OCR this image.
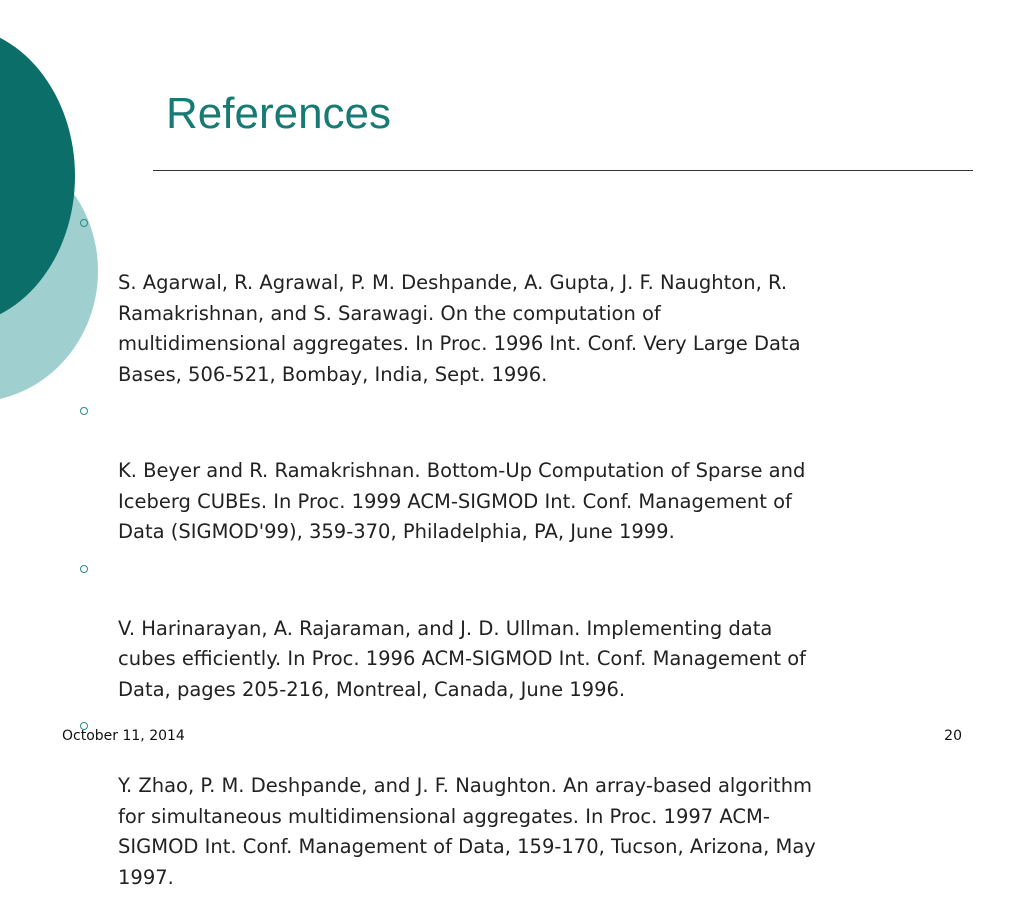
References

S. Agarwal, R. Agrawal, P. M. Deshpande, A. Gupta, J. F. Naughton, R.
Ramakrishnan, and S. Sarawagi. On the computation of
multidimensional aggregates. In Proc. 1996 Int. Conf. Very Large Data
Bases, 506-521, Bombay, India, Sept. 1996.

K. Beyer and R. Ramakrishnan. Bottom-Up Computation of Sparse and
Iceberg CUBEs. In Proc. 1999 ACM-SIGMOD Int. Conf. Management of
Data (SIGMOD'99), 359-370, Philadelphia, PA, June 1999.

V. Harinarayan, A. Rajaraman, and J. D. Ullman. Implementing data
cubes efficiently. In Proc. 1996 ACM-SIGMOD Int. Conf. Management of
Data, pages 205-216, Montreal, Canada, June 1996.

Y. Zhao, P. M. Deshpande, and J. F. Naughton. An array-based algorithm
for simultaneous multidimensional aggregates. In Proc. 1997 ACM-
SIGMOD Int. Conf. Management of Data, 159-170, Tucson, Arizona, May
1997.

October 11, 2014	20
